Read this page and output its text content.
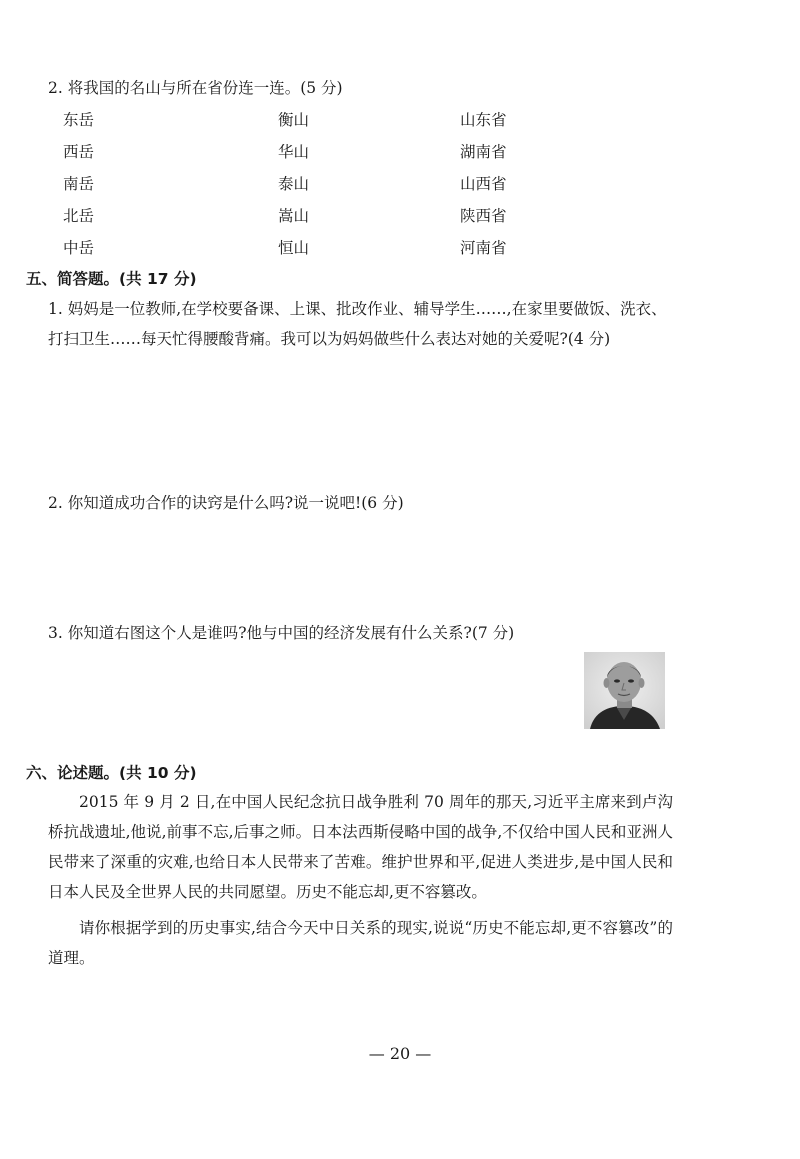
2. 将我国的名山与所在省份连一连。(5 分)
东岳
西岳
南岳
北岳
中岳
衡山
华山
泰山
嵩山
恒山
山东省
湖南省
山西省
陕西省
河南省
五、简答题。(共 17 分)
1. 妈妈是一位教师,在学校要备课、上课、批改作业、辅导学生……,在家里要做饭、洗衣、打扫卫生……每天忙得腰酸背痛。我可以为妈妈做些什么表达对她的关爱呢?(4 分)
2. 你知道成功合作的诀窍是什么吗?说一说吧!(6 分)
3. 你知道右图这个人是谁吗?他与中国的经济发展有什么关系?(7 分)
六、论述题。(共 10 分)
2015 年 9 月 2 日,在中国人民纪念抗日战争胜利 70 周年的那天,习近平主席来到卢沟桥抗战遗址,他说,前事不忘,后事之师。日本法西斯侵略中国的战争,不仅给中国人民和亚洲人民带来了深重的灾难,也给日本人民带来了苦难。维护世界和平,促进人类进步,是中国人民和日本人民及全世界人民的共同愿望。历史不能忘却,更不容篡改。
请你根据学到的历史事实,结合今天中日关系的现实,说说“历史不能忘却,更不容篡改”的道理。
— 20 —
